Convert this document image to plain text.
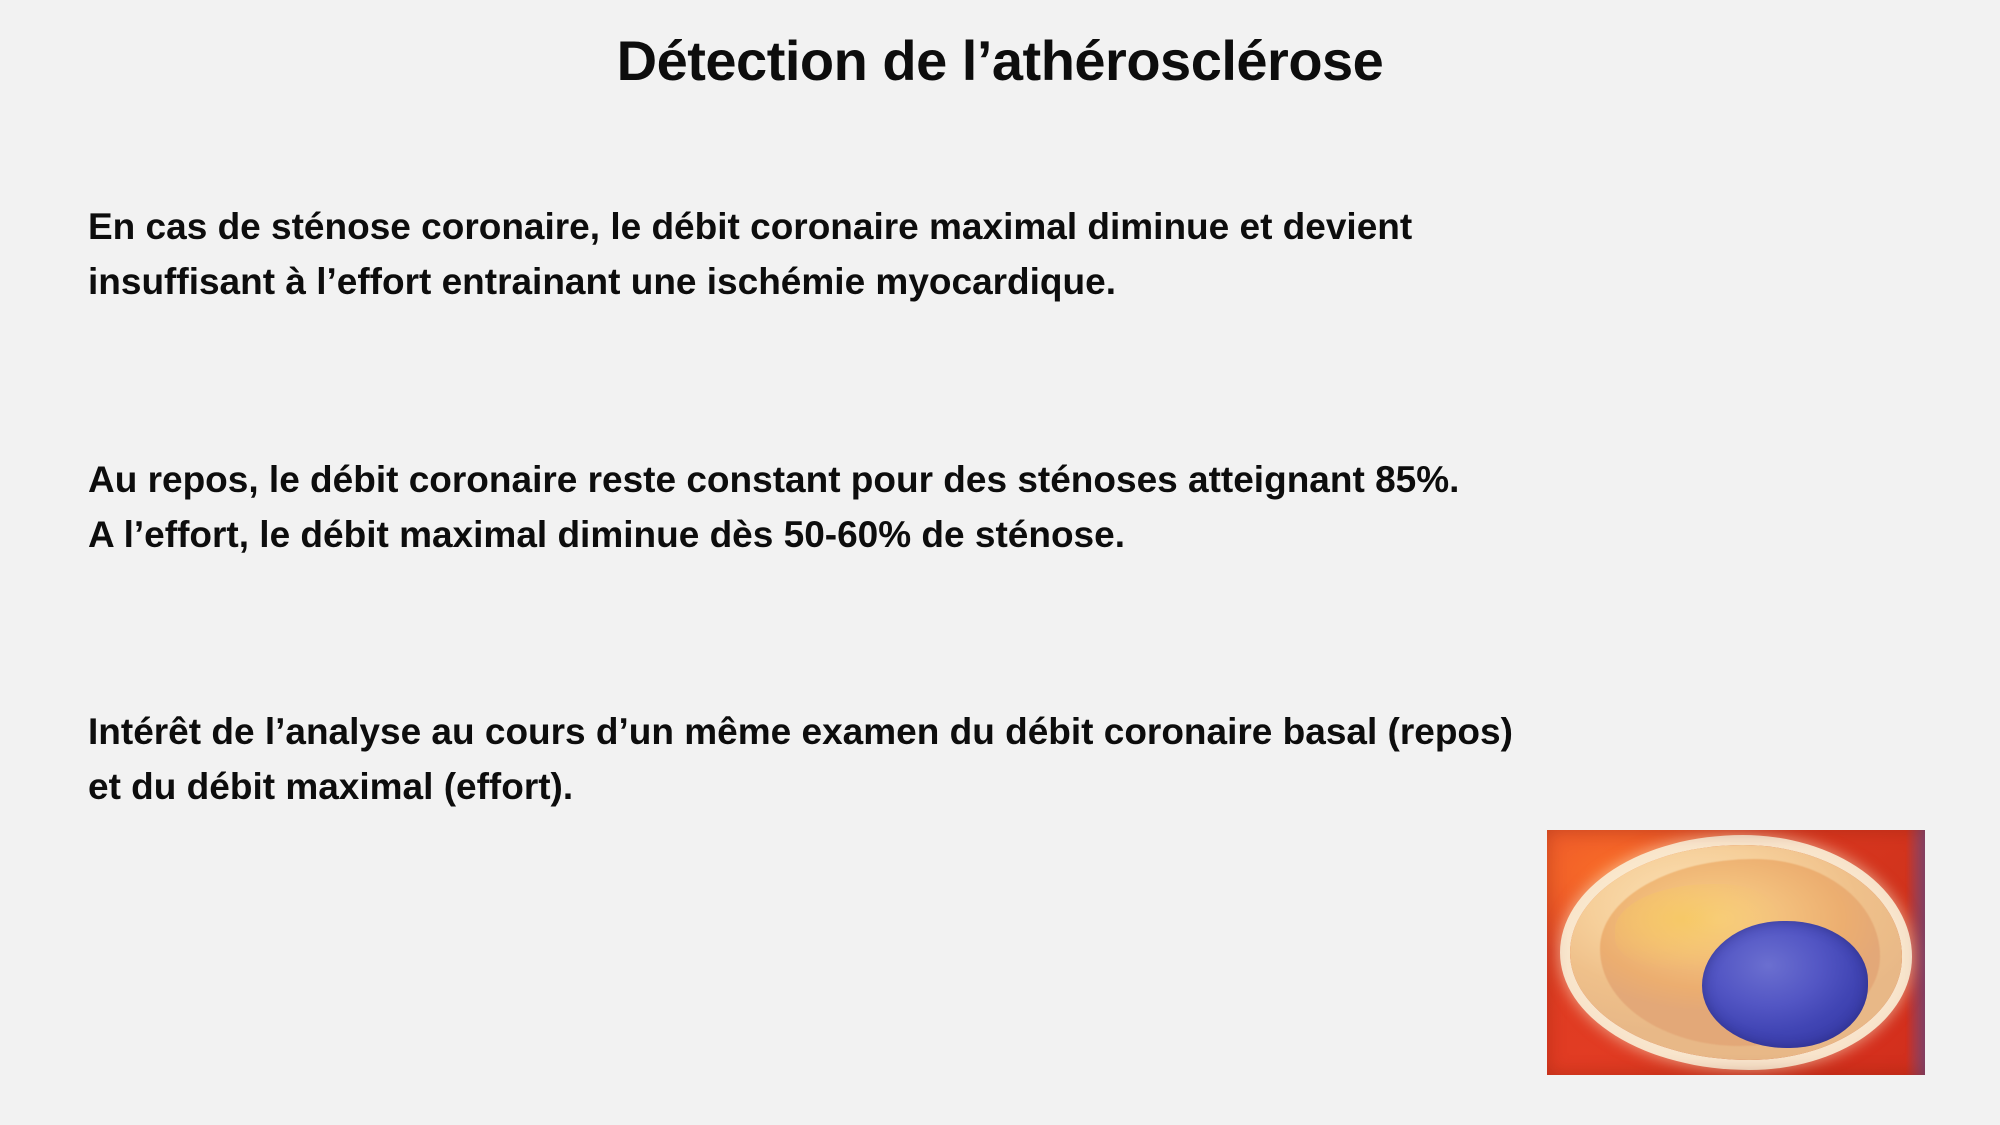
Détection de l’athérosclérose

En cas de sténose coronaire, le débit coronaire maximal diminue et devient

insuffisant à l’effort entrainant une ischémie myocardique.

Au repos, le débit coronaire reste constant pour des sténoses atteignant 85%.

A l’effort, le débit maximal diminue dès 50-60% de sténose.

Intérêt de l’analyse au cours d’un même examen du débit coronaire basal (repos)

et du débit maximal (effort).
